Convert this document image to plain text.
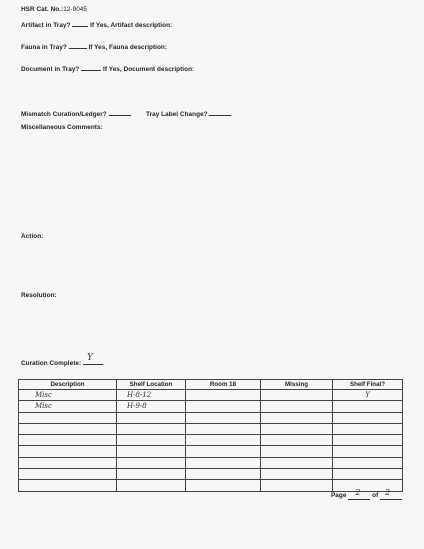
HSR Cat. No.:12-9045
Artifact in Tray?	If Yes, Artifact description:
Fauna in Tray?	If Yes, Fauna description:
Document in Tray?	If Yes, Document description:
Mismatch Curation/Ledger?	Tray Label Change?
Miscellaneous Comments:
Action:
Resolution:
Curation Complete:
Y
Description	Shelf Location	Room 18	Missing	Shelf Final?
Misc	H-8-12			Y
Misc	H-9-8			

Page 2 of 2
